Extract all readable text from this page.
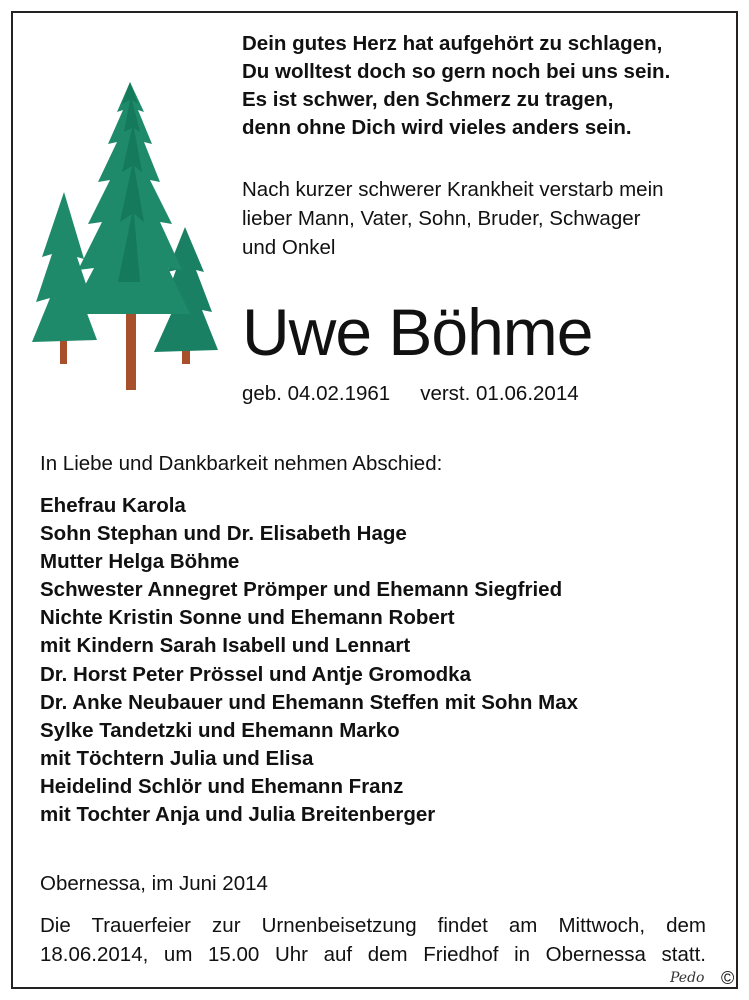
Dein gutes Herz hat aufgehört zu schlagen,
Du wolltest doch so gern noch bei uns sein.
Es ist schwer, den Schmerz zu tragen,
denn ohne Dich wird vieles anders sein.
Nach kurzer schwerer Krankheit verstarb mein
lieber Mann, Vater, Sohn, Bruder, Schwager
und Onkel
Uwe Böhme
geb. 04.02.1961 verst. 01.06.2014
In Liebe und Dankbarkeit nehmen Abschied:
Ehefrau Karola
Sohn Stephan und Dr. Elisabeth Hage
Mutter Helga Böhme
Schwester Annegret Prömper und Ehemann Siegfried
Nichte Kristin Sonne und Ehemann Robert
mit Kindern Sarah Isabell und Lennart
Dr. Horst Peter Prössel und Antje Gromodka
Dr. Anke Neubauer und Ehemann Steffen mit Sohn Max
Sylke Tandetzki und Ehemann Marko
mit Töchtern Julia und Elisa
Heidelind Schlör und Ehemann Franz
mit Tochter Anja und Julia Breitenberger
Obernessa, im Juni 2014
Die Trauerfeier zur Urnenbeisetzung findet am Mittwoch, dem
18.06.2014, um 15.00 Uhr auf dem Friedhof in Obernessa statt.
Pedo ©
